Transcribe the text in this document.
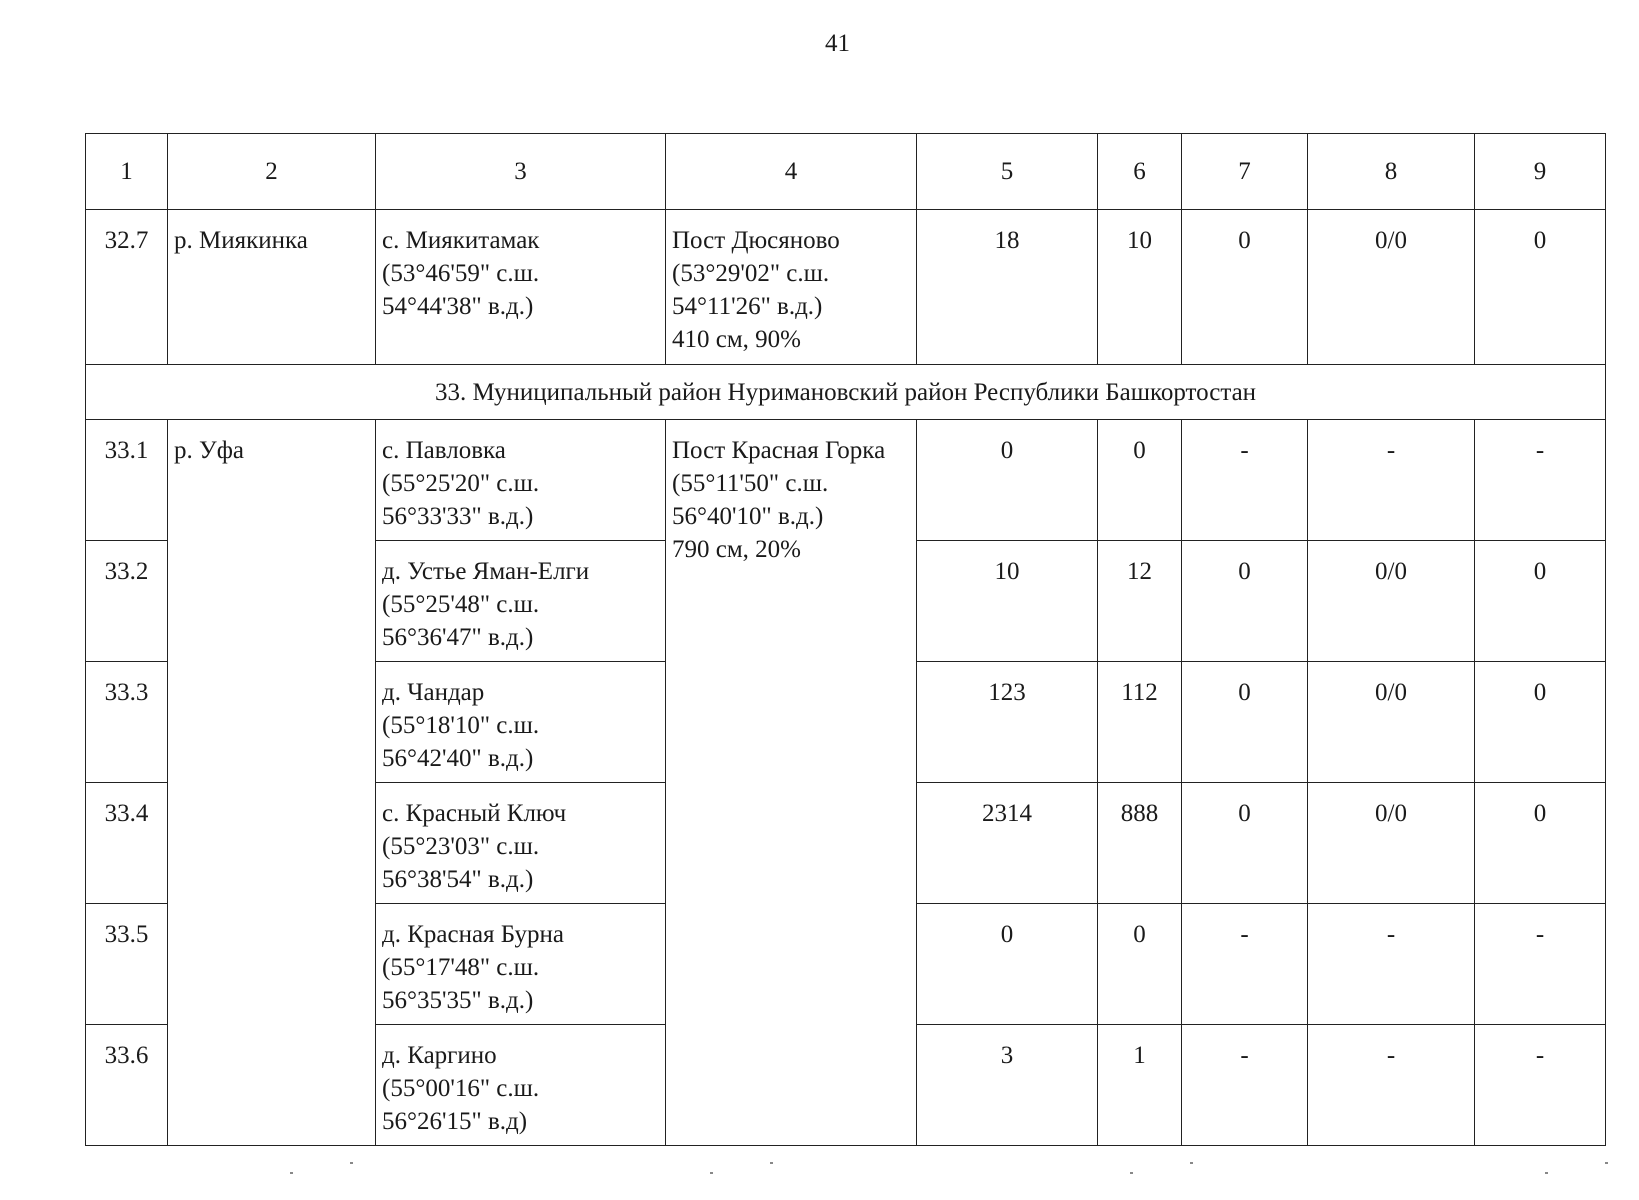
41
1	2	3	4	5	6	7	8	9
32.7	р. Миякинка	с. Миякитамак
(53°46'59" с.ш.
54°44'38" в.д.)	Пост Дюсяново
(53°29'02" с.ш.
54°11'26" в.д.)
410 см, 90%	18	10	0	0/0	0
33. Муниципальный район Нуримановский район Республики Башкортостан								
33.1	р. Уфа	с. Павловка
(55°25'20" с.ш.
56°33'33" в.д.)	Пост Красная Горка
(55°11'50" с.ш.
56°40'10" в.д.)
790 см, 20%	0	0	-	-	-
33.2		д. Устье Яман-Елги
(55°25'48" с.ш.
56°36'47" в.д.)		10	12	0	0/0	0
33.3		д. Чандар
(55°18'10" с.ш.
56°42'40" в.д.)		123	112	0	0/0	0
33.4		с. Красный Ключ
(55°23'03" с.ш.
56°38'54" в.д.)		2314	888	0	0/0	0
33.5		д. Красная Бурна
(55°17'48" с.ш.
56°35'35" в.д.)		0	0	-	-	-
33.6		д. Каргино
(55°00'16" с.ш.
56°26'15" в.д)		3	1	-	-	-
